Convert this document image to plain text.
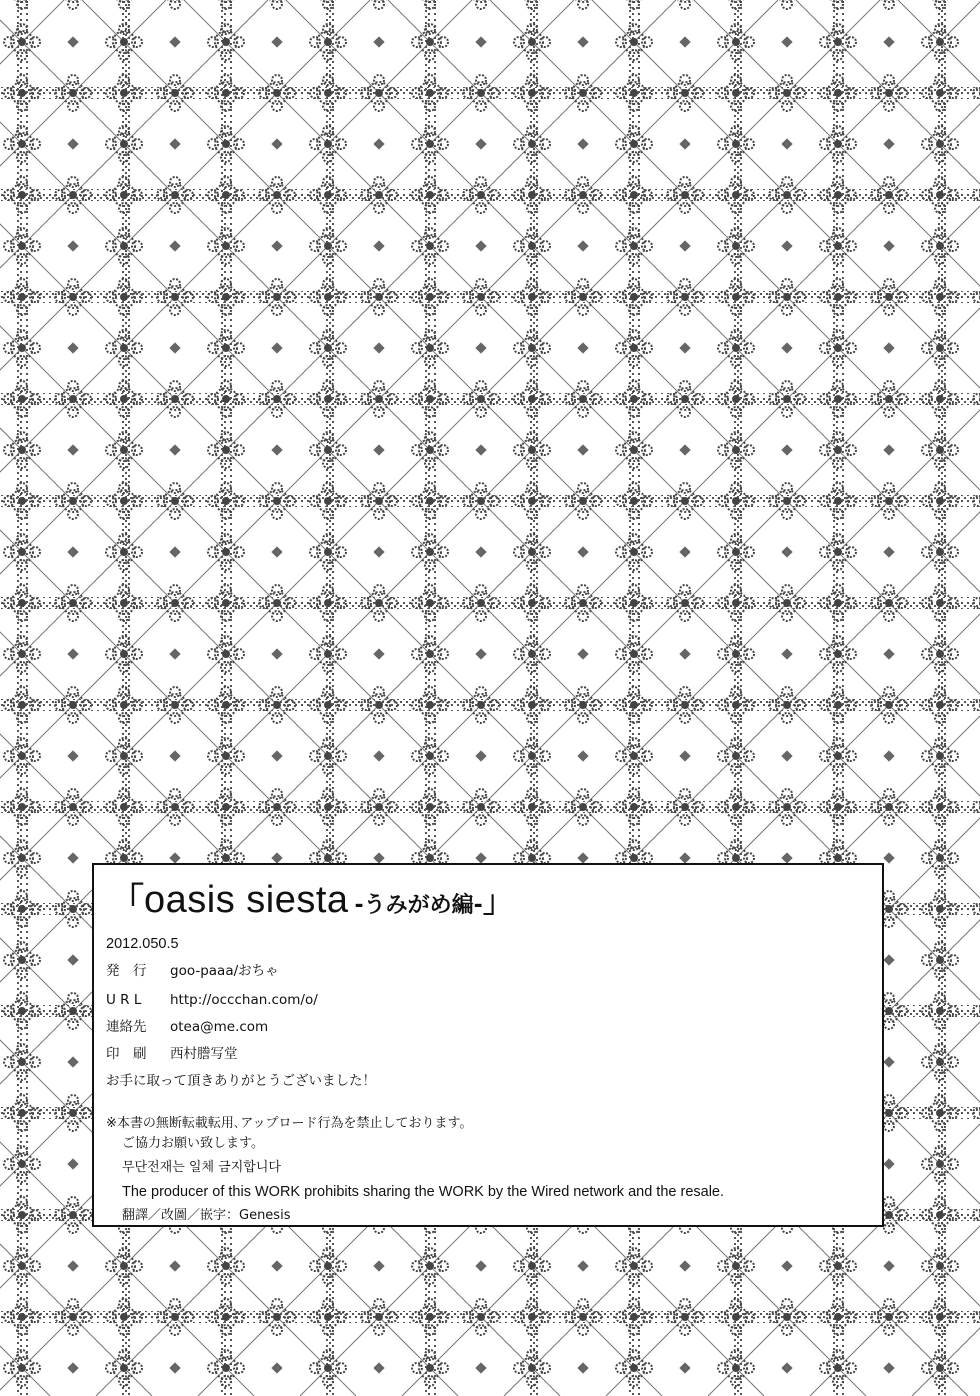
「oasis siesta -うみがめ編-」
2012.050.5
発　行 goo-paaa/おちゃ
U R L http://occchan.com/o/
連絡先 otea@me.com
印　刷 西村謄写堂
お手に取って頂きありがとうございました！
※本書の無断転載転用､アップロード行為を禁止しております。
ご協力お願い致します。
무단전재는 일체 금지합니다
The producer of this WORK prohibits sharing the WORK by the Wired network and the resale.
翻譯／改圖／嵌字：Genesis
